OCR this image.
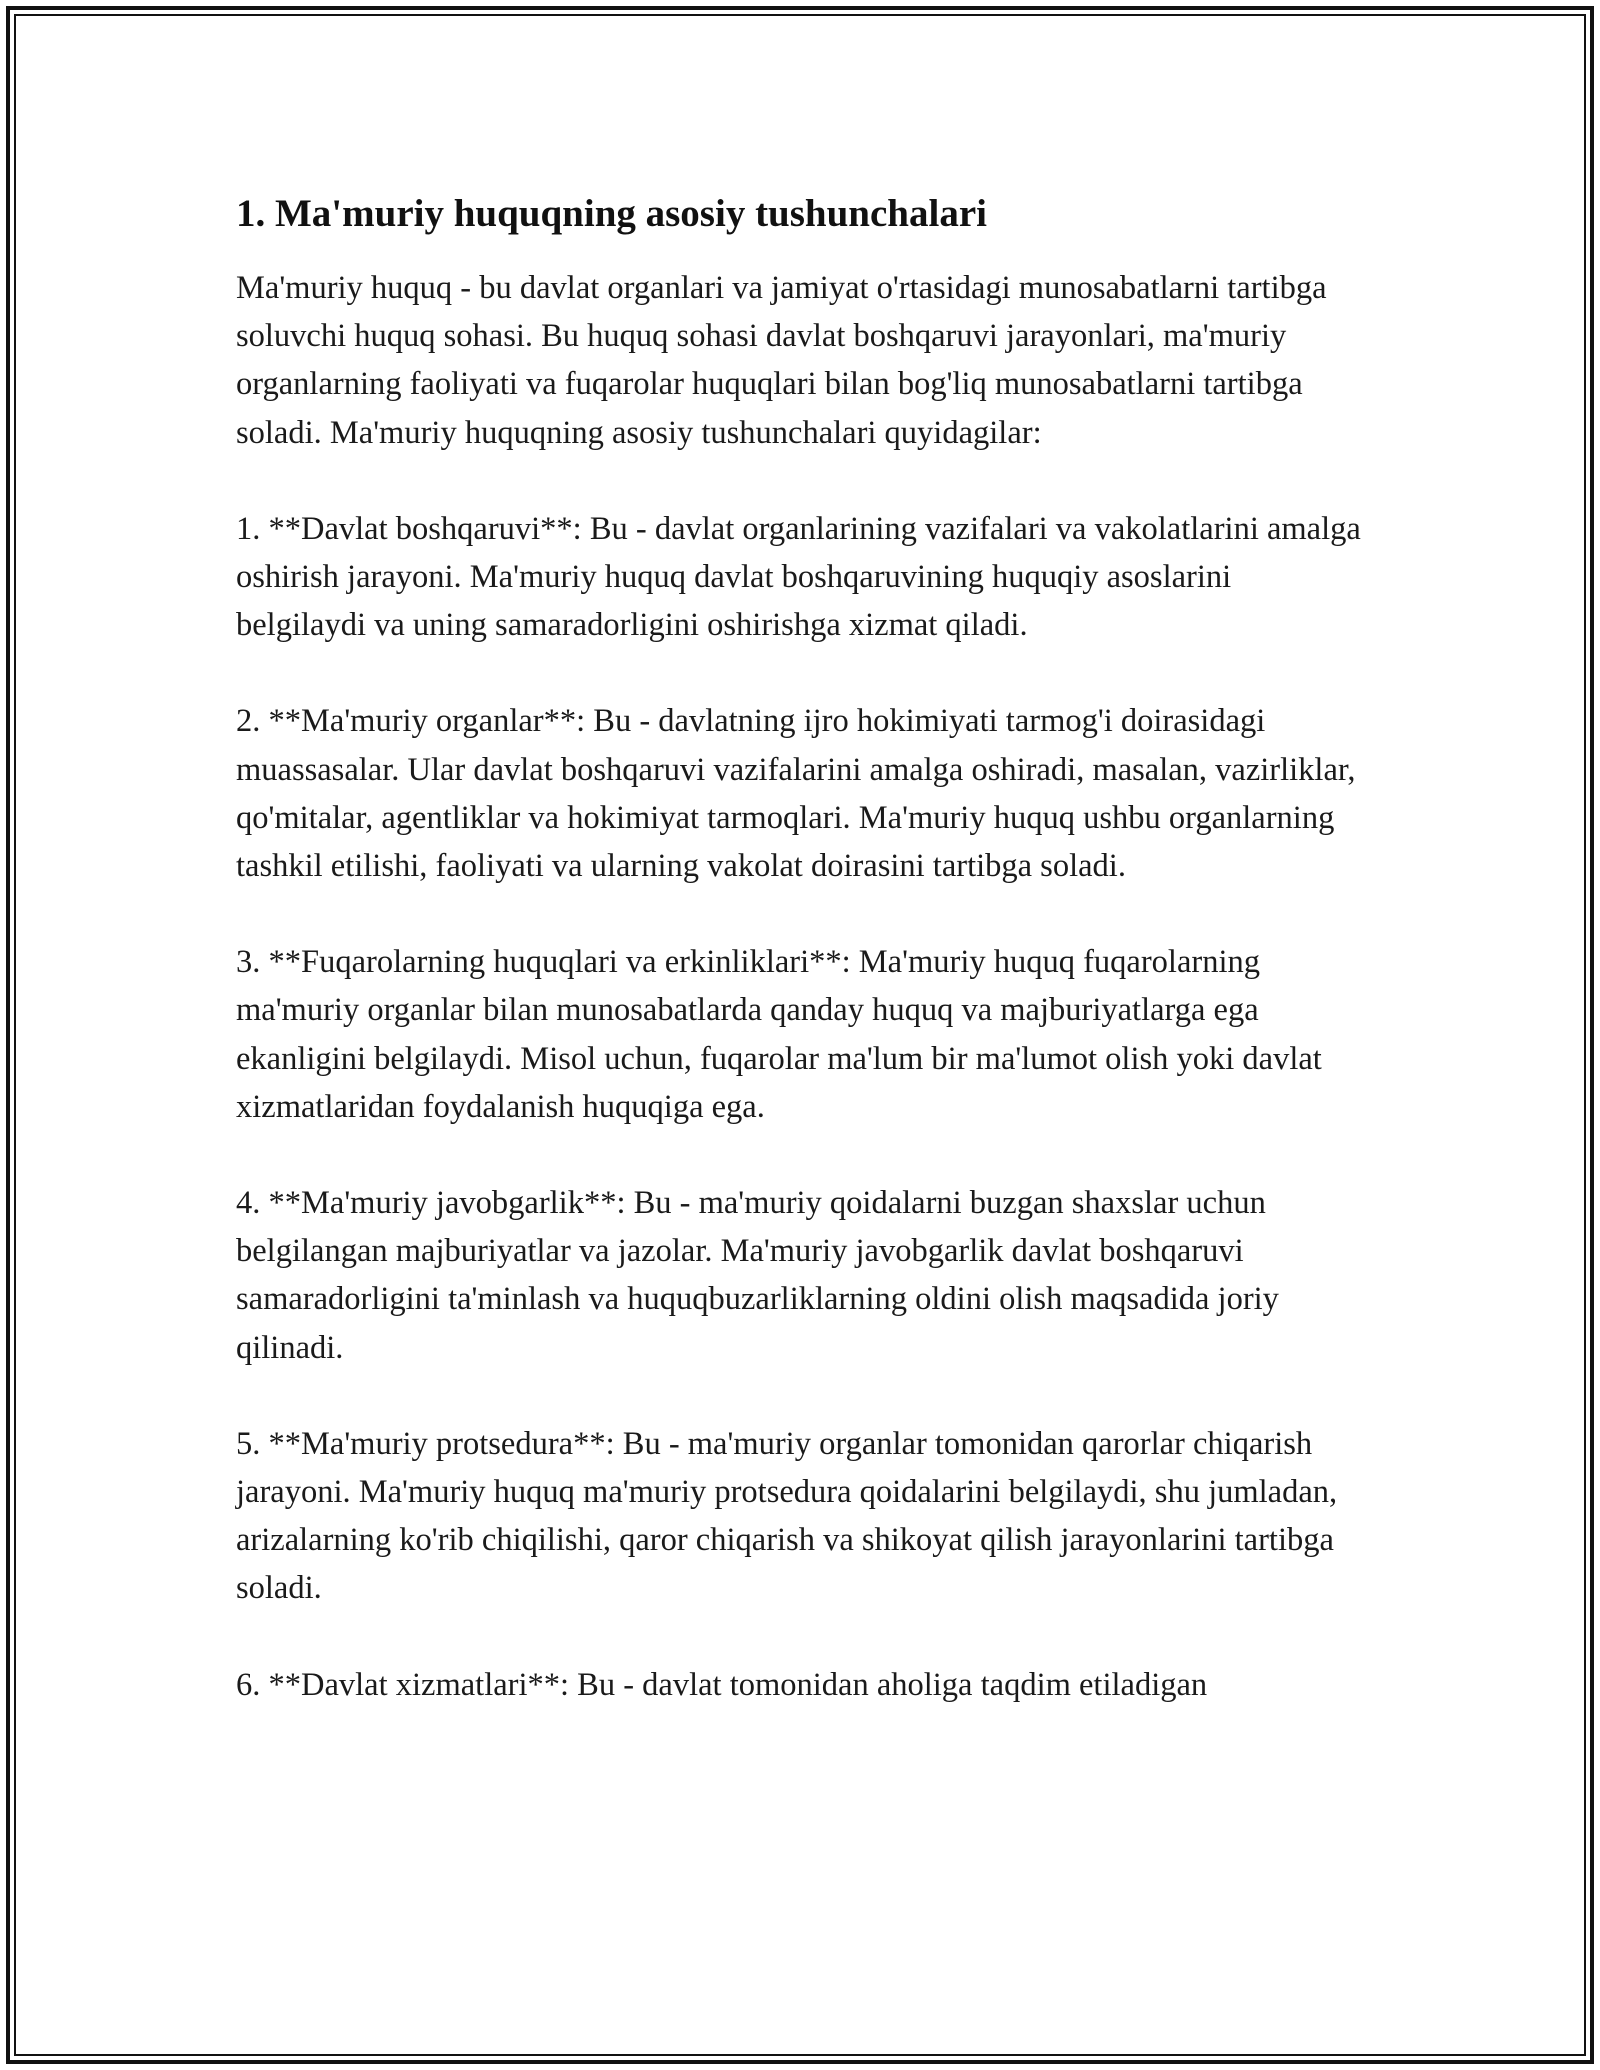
1. Ma'muriy huquqning asosiy tushunchalari

Ma'muriy huquq - bu davlat organlari va jamiyat o'rtasidagi munosabatlarni tartibga soluvchi huquq sohasi. Bu huquq sohasi davlat boshqaruvi jarayonlari, ma'muriy organlarning faoliyati va fuqarolar huquqlari bilan bog'liq munosabatlarni tartibga soladi. Ma'muriy huquqning asosiy tushunchalari quyidagilar:

1. **Davlat boshqaruvi**: Bu - davlat organlarining vazifalari va vakolatlarini amalga oshirish jarayoni. Ma'muriy huquq davlat boshqaruvining huquqiy asoslarini belgilaydi va uning samaradorligini oshirishga xizmat qiladi.

2. **Ma'muriy organlar**: Bu - davlatning ijro hokimiyati tarmog'i doirasidagi muassasalar. Ular davlat boshqaruvi vazifalarini amalga oshiradi, masalan, vazirliklar, qo'mitalar, agentliklar va hokimiyat tarmoqlari. Ma'muriy huquq ushbu organlarning tashkil etilishi, faoliyati va ularning vakolat doirasini tartibga soladi.

3. **Fuqarolarning huquqlari va erkinliklari**: Ma'muriy huquq fuqarolarning ma'muriy organlar bilan munosabatlarda qanday huquq va majburiyatlarga ega ekanligini belgilaydi. Misol uchun, fuqarolar ma'lum bir ma'lumot olish yoki davlat xizmatlaridan foydalanish huquqiga ega.

4. **Ma'muriy javobgarlik**: Bu - ma'muriy qoidalarni buzgan shaxslar uchun belgilangan majburiyatlar va jazolar. Ma'muriy javobgarlik davlat boshqaruvi samaradorligini ta'minlash va huquqbuzarliklarning oldini olish maqsadida joriy qilinadi.

5. **Ma'muriy protsedura**: Bu - ma'muriy organlar tomonidan qarorlar chiqarish jarayoni. Ma'muriy huquq ma'muriy protsedura qoidalarini belgilaydi, shu jumladan, arizalarning ko'rib chiqilishi, qaror chiqarish va shikoyat qilish jarayonlarini tartibga soladi.

6. **Davlat xizmatlari**: Bu - davlat tomonidan aholiga taqdim etiladigan
